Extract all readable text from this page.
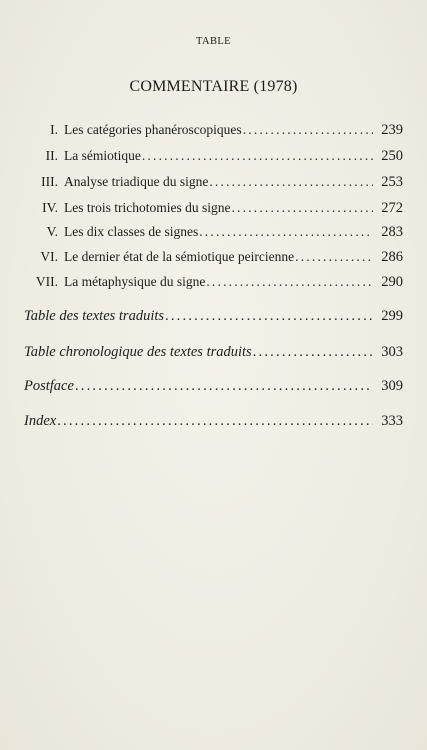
TABLE
COMMENTAIRE (1978)
I. Les catégories phanéroscopiques .....	239
II. La sémiotique .....	250
III. Analyse triadique du signe .....	253
IV. Les trois trichotomies du signe .....	272
V. Les dix classes de signes .....	283
VI. Le dernier état de la sémiotique peircienne .....	286
VII. La métaphysique du signe .....	290
Table des textes traduits .....	299
Table chronologique des textes traduits .....	303
Postface .....	309
Index .....	333
